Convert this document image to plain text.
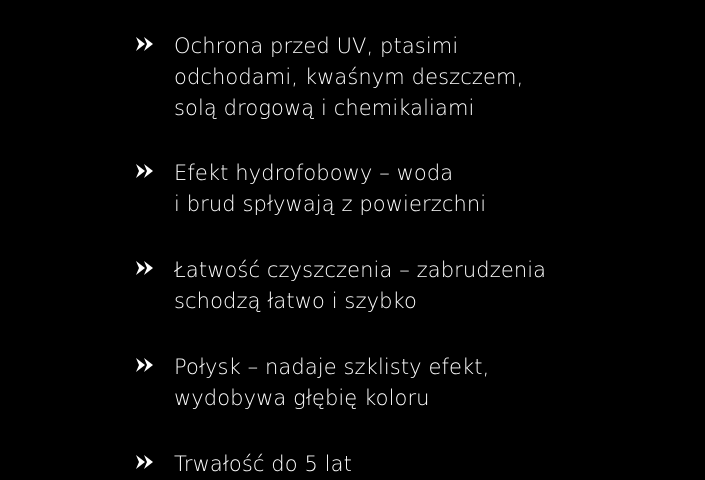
Ochrona przed UV, ptasimi
odchodami, kwaśnym deszczem,
solą drogową i chemikaliami
Efekt hydrofobowy – woda
i brud spływają z powierzchni
Łatwość czyszczenia – zabrudzenia
schodzą łatwo i szybko
Połysk – nadaje szklisty efekt,
wydobywa głębię koloru
Trwałość do 5 lat
